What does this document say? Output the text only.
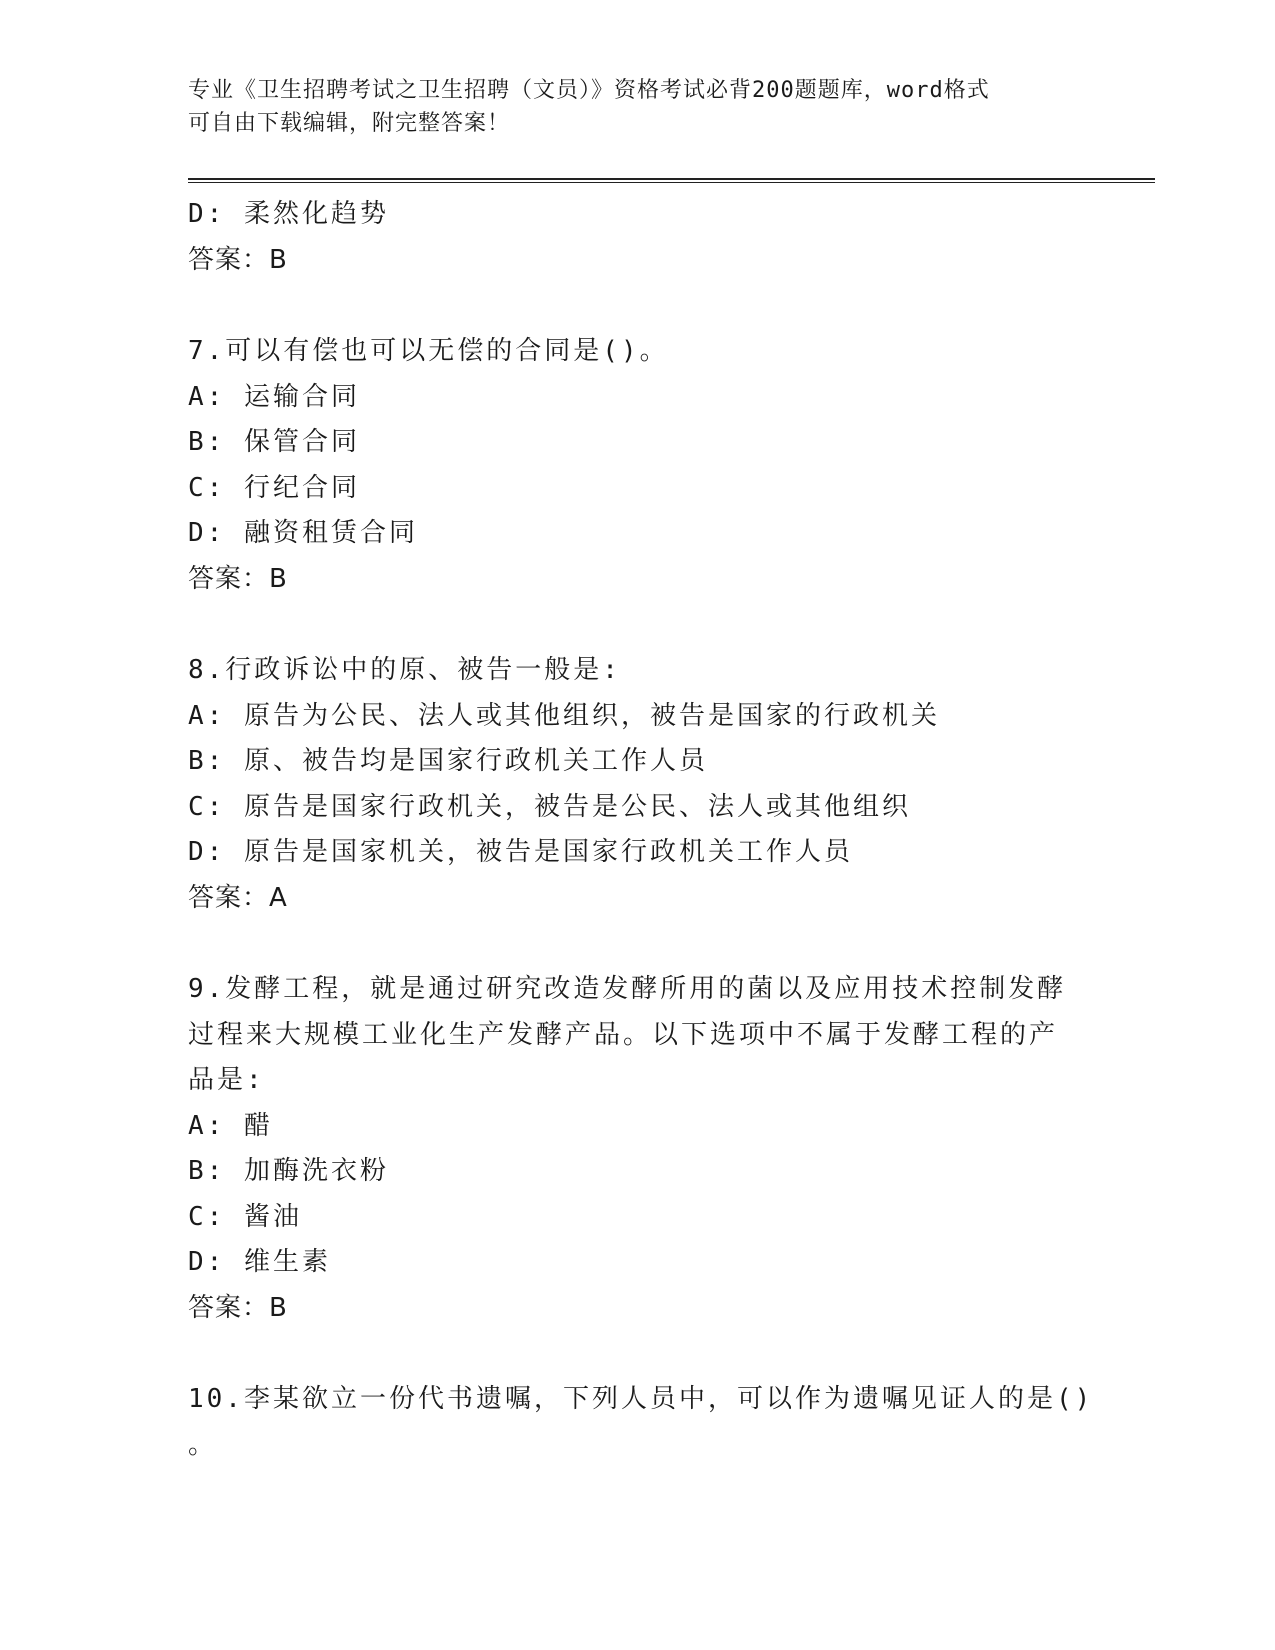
专业《卫生招聘考试之卫生招聘（文员）》资格考试必背200题题库，word格式
可自由下载编辑，附完整答案！
D: 柔然化趋势
答案：B
7.可以有偿也可以无偿的合同是()。
A: 运输合同
B: 保管合同
C: 行纪合同
D: 融资租赁合同
答案：B
8.行政诉讼中的原、被告一般是:
A: 原告为公民、法人或其他组织，被告是国家的行政机关
B: 原、被告均是国家行政机关工作人员
C: 原告是国家行政机关，被告是公民、法人或其他组织
D: 原告是国家机关，被告是国家行政机关工作人员
答案：A
9.发酵工程，就是通过研究改造发酵所用的菌以及应用技术控制发酵
过程来大规模工业化生产发酵产品。以下选项中不属于发酵工程的产
品是:
A: 醋
B: 加酶洗衣粉
C: 酱油
D: 维生素
答案：B
10.李某欲立一份代书遗嘱，下列人员中，可以作为遗嘱见证人的是()
。
